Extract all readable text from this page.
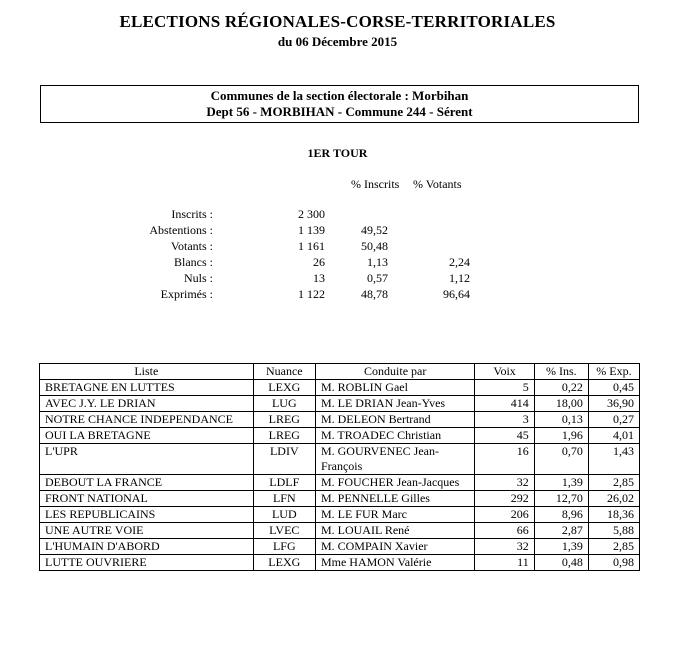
ELECTIONS RÉGIONALES-CORSE-TERRITORIALES
du 06 Décembre 2015
Communes de la section électorale : Morbihan
Dept 56 - MORBIHAN - Commune 244 - Sérent
1ER TOUR
% Inscrits % Votants
Inscrits :	2 300
Abstentions :	1 139	49,52
Votants :	1 161	50,48
Blancs :	26	1,13	2,24
Nuls :	13	0,57	1,12
Exprimés :	1 122	48,78	96,64
Liste	Nuance	Conduite par	Voix	% Ins.	% Exp.
BRETAGNE EN LUTTES	LEXG	M. ROBLIN Gael	5	0,22	0,45
AVEC J.Y. LE DRIAN	LUG	M. LE DRIAN Jean-Yves	414	18,00	36,90
NOTRE CHANCE INDEPENDANCE	LREG	M. DELEON Bertrand	3	0,13	0,27
OUI LA BRETAGNE	LREG	M. TROADEC Christian	45	1,96	4,01
L'UPR	LDIV	M. GOURVENEC Jean-François	16	0,70	1,43
DEBOUT LA FRANCE	LDLF	M. FOUCHER Jean-Jacques	32	1,39	2,85
FRONT NATIONAL	LFN	M. PENNELLE Gilles	292	12,70	26,02
LES REPUBLICAINS	LUD	M. LE FUR Marc	206	8,96	18,36
UNE AUTRE VOIE	LVEC	M. LOUAIL René	66	2,87	5,88
L'HUMAIN D'ABORD	LFG	M. COMPAIN Xavier	32	1,39	2,85
LUTTE OUVRIERE	LEXG	Mme HAMON Valérie	11	0,48	0,98
